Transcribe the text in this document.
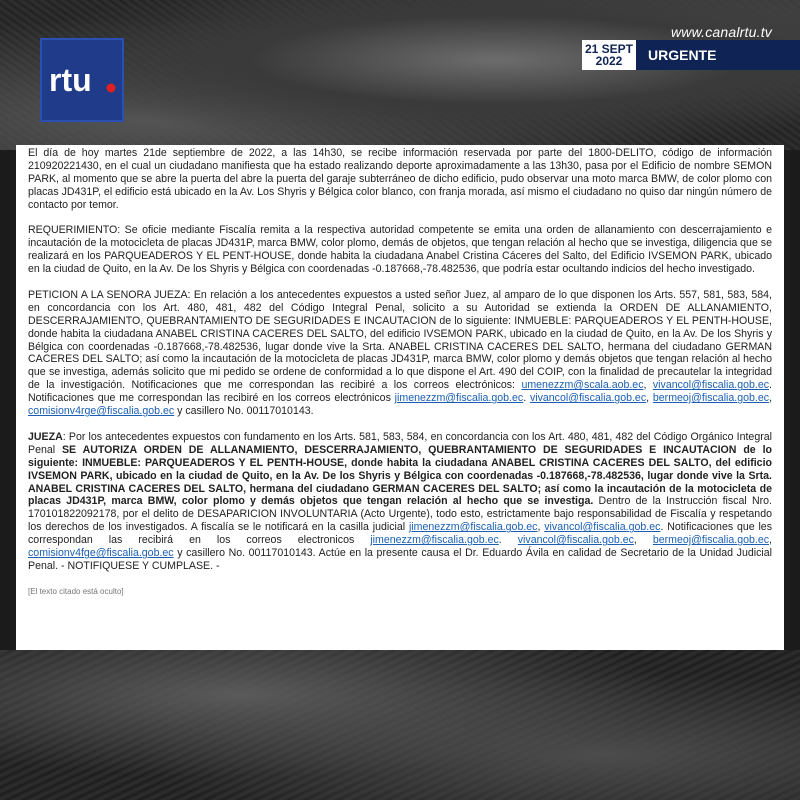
rtu
www.canalrtu.tv
21 SEPT
2022	URGENTE

El día de hoy martes 21de septiembre de 2022, a las 14h30, se recibe información reservada por parte del 1800-DELITO, código de información 210920221430, en el cual un ciudadano manifiesta que ha estado realizando deporte aproximadamente a las 13h30, pasa por el Edificio de nombre SEMON PARK, al momento que se abre la puerta del abre la puerta del garaje subterráneo de dicho edificio, pudo observar una moto marca BMW, de color plomo con placas JD431P, el edificio está ubicado en la Av. Los Shyris y Bélgica color blanco, con franja morada, así mismo el ciudadano no quiso dar ningún número de contacto por temor.

REQUERIMIENTO: Se oficie mediante Fiscalía remita a la respectiva autoridad competente se emita una orden de allanamiento con descerrajamiento e incautación de la motocicleta de placas JD431P, marca BMW, color plomo, demás de objetos, que tengan relación al hecho que se investiga, diligencia que se realizará en los PARQUEADEROS Y EL PENT-HOUSE, donde habita la ciudadana Anabel Cristina Cáceres del Salto, del Edificio IVSEMON PARK, ubicado en la ciudad de Quito, en la Av. De los Shyris y Bélgica con coordenadas -0.187668,-78.482536, que podría estar ocultando indicios del hecho investigado.

PETICION A LA SENORA JUEZA: En relación a los antecedentes expuestos a usted señor Juez, al amparo de lo que disponen los Arts. 557, 581, 583, 584, en concordancia con los Art. 480, 481, 482 del Código Integral Penal, solicito a su Autoridad se extienda la ORDEN DE ALLANAMIENTO, DESCERRAJAMIENTO, QUEBRANTAMIENTO DE SEGURIDADES E INCAUTACION de lo siguiente: INMUEBLE: PARQUEADEROS Y EL PENTH-HOUSE, donde habita la ciudadana ANABEL CRISTINA CACERES DEL SALTO, del edificio IVSEMON PARK, ubicado en la ciudad de Quito, en la Av. De los Shyris y Bélgica con coordenadas -0.187668,-78.482536, lugar donde vive la Srta. ANABEL CRISTINA CACERES DEL SALTO, hermana del ciudadano GERMAN CACERES DEL SALTO; así como la incautación de la motocicleta de placas JD431P, marca BMW, color plomo y demás objetos que tengan relación al hecho que se investiga, además solicito que mi pedido se ordene de conformidad a lo que dispone el Art. 490 del COIP, con la finalidad de precautelar la integridad de la investigación. Notificaciones que me correspondan las recibiré a los correos electrónicos: umenezzm@scala.aob.ec, vivancol@fiscalia.gob.ec. Notificaciones que me correspondan las recibiré en los correos electrónicos jimenezzm@fiscalia.gob.ec. vivancol@fiscalia.gob.ec, bermeoj@fiscalia.gob.ec, comisionv4rge@fiscalia.gob.ec y casillero No. 00117010143.

JUEZA: Por los antecedentes expuestos con fundamento en los Arts. 581, 583, 584, en concordancia con los Art. 480, 481, 482 del Código Orgánico Integral Penal SE AUTORIZA ORDEN DE ALLANAMIENTO, DESCERRAJAMIENTO, QUEBRANTAMIENTO DE SEGURIDADES E INCAUTACION de lo siguiente: INMUEBLE: PARQUEADEROS Y EL PENTH-HOUSE, donde habita la ciudadana ANABEL CRISTINA CACERES DEL SALTO, del edificio IVSEMON PARK, ubicado en la ciudad de Quito, en la Av. De los Shyris y Bélgica con coordenadas -0.187668,-78.482536, lugar donde vive la Srta. ANABEL CRISTINA CACERES DEL SALTO, hermana del ciudadano GERMAN CACERES DEL SALTO; así como la incautación de la motocicleta de placas JD431P, marca BMW, color plomo y demás objetos que tengan relación al hecho que se investiga. Dentro de la Instrucción fiscal Nro. 170101822092178, por el delito de DESAPARICION INVOLUNTARIA (Acto Urgente), todo esto, estrictamente bajo responsabilidad de Fiscalía y respetando los derechos de los investigados. A fiscalía se le notificará en la casilla judicial jimenezzm@fiscalia.gob.ec, vivancol@fiscalia.gob.ec. Notificaciones que les correspondan las recibirá en los correos electronicos jimenezzm@fiscalia.gob.ec. vivancol@fiscalia.gob.ec, bermeoj@fiscalia.gob.ec, comisionv4fge@fiscalia.gob.ec y casillero No. 00117010143. Actúe en la presente causa el Dr. Eduardo Ávila en calidad de Secretario de la Unidad Judicial Penal. - NOTIFIQUESE Y CUMPLASE. -

[El texto citado está oculto]
